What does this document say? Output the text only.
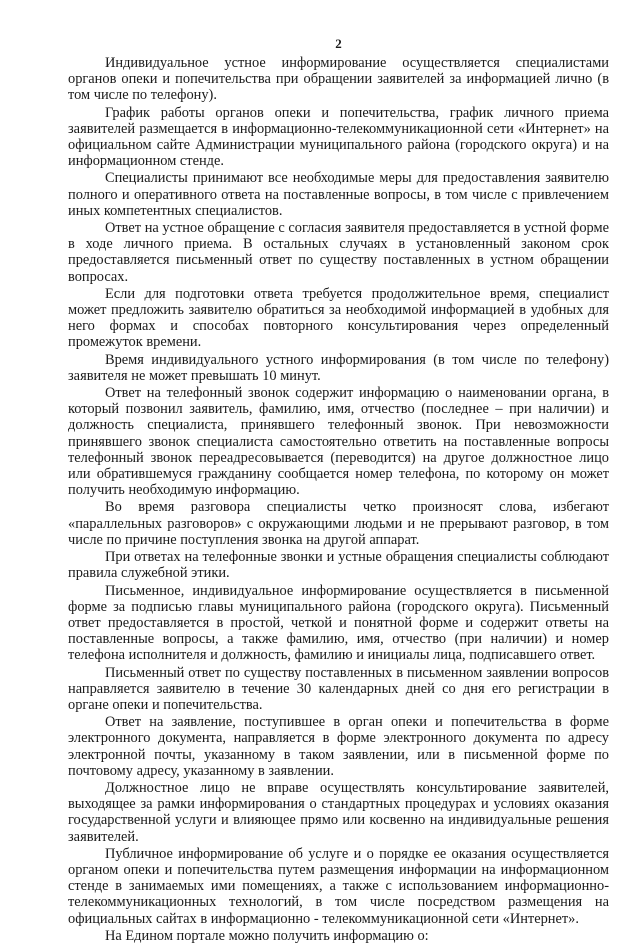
2

Индивидуальное устное информирование осуществляется специалистами органов опеки и попечительства при обращении заявителей за информацией лично (в том числе по телефону).

График работы органов опеки и попечительства, график личного приема заявителей размещается в информационно-телекоммуникационной сети «Интернет» на официальном сайте Администрации муниципального района (городского округа) и на информационном стенде.

Специалисты принимают все необходимые меры для предоставления заявителю полного и оперативного ответа на поставленные вопросы, в том числе с привлечением иных компетентных специалистов.

Ответ на устное обращение с согласия заявителя предоставляется в устной форме в ходе личного приема. В остальных случаях в установленный законом срок предоставляется письменный ответ по существу поставленных в устном обращении вопросах.

Если для подготовки ответа требуется продолжительное время, специалист может предложить заявителю обратиться за необходимой информацией в удобных для него формах и способах повторного консультирования через определенный промежуток времени.

Время индивидуального устного информирования (в том числе по телефону) заявителя не может превышать 10 минут.

Ответ на телефонный звонок содержит информацию о наименовании органа, в который позвонил заявитель, фамилию, имя, отчество (последнее – при наличии) и должность специалиста, принявшего телефонный звонок. При невозможности принявшего звонок специалиста самостоятельно ответить на поставленные вопросы телефонный звонок переадресовывается (переводится) на другое должностное лицо или обратившемуся гражданину сообщается номер телефона, по которому он может получить необходимую информацию.

Во время разговора специалисты четко произносят слова, избегают «параллельных разговоров» с окружающими людьми и не прерывают разговор, в том числе по причине поступления звонка на другой аппарат.

При ответах на телефонные звонки и устные обращения специалисты соблюдают правила служебной этики.

Письменное, индивидуальное информирование осуществляется в письменной форме за подписью главы муниципального района (городского округа). Письменный ответ предоставляется в простой, четкой и понятной форме и содержит ответы на поставленные вопросы, а также фамилию, имя, отчество (при наличии) и номер телефона исполнителя и должность, фамилию и инициалы лица, подписавшего ответ.

Письменный ответ по существу поставленных в письменном заявлении вопросов направляется заявителю в течение 30 календарных дней со дня его регистрации в органе опеки и попечительства.

Ответ на заявление, поступившее в орган опеки и попечительства в форме электронного документа, направляется в форме электронного документа по адресу электронной почты, указанному в таком заявлении, или в письменной форме по почтовому адресу, указанному в заявлении.

Должностное лицо не вправе осуществлять консультирование заявителей, выходящее за рамки информирования о стандартных процедурах и условиях оказания государственной услуги и влияющее прямо или косвенно на индивидуальные решения заявителей.

Публичное информирование об услуге и о порядке ее оказания осуществляется органом опеки и попечительства путем размещения информации на информационном стенде в занимаемых ими помещениях, а также с использованием информационно-телекоммуникационных технологий, в том числе посредством размещения на официальных сайтах в информационно - телекоммуникационной сети «Интернет».

На Едином портале можно получить информацию о:
